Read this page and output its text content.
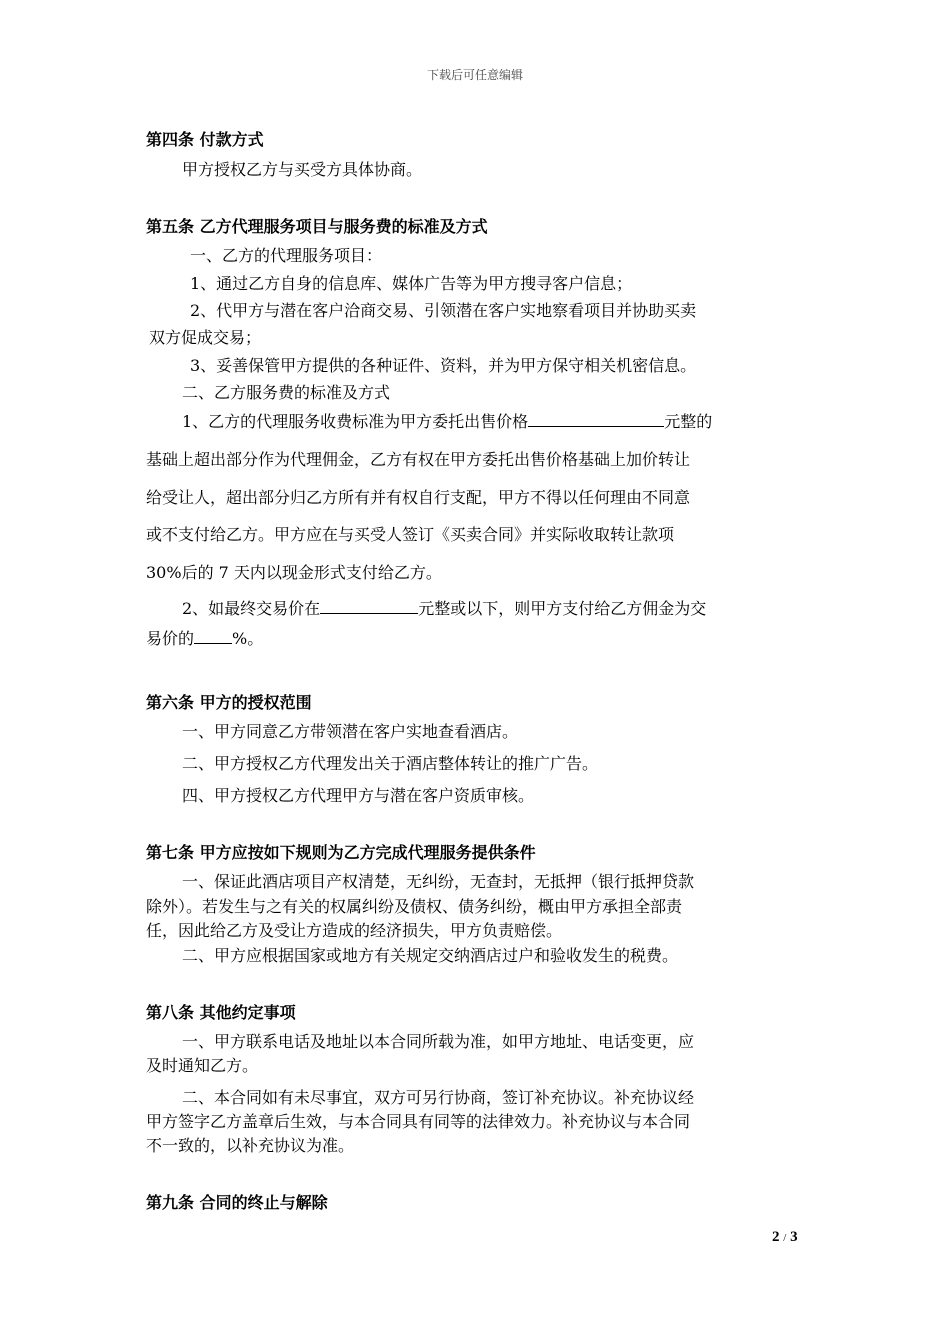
下载后可任意编辑
第四条 付款方式
甲方授权乙方与买受方具体协商。
第五条 乙方代理服务项目与服务费的标准及方式
一、乙方的代理服务项目：
1、通过乙方自身的信息库、媒体广告等为甲方搜寻客户信息；
2、代甲方与潜在客户洽商交易、引领潜在客户实地察看项目并协助买卖
双方促成交易；
3、妥善保管甲方提供的各种证件、资料，并为甲方保守相关机密信息。
二、乙方服务费的标准及方式
1、乙方的代理服务收费标准为甲方委托出售价格	元整的
基础上超出部分作为代理佣金，乙方有权在甲方委托出售价格基础上加价转让
给受让人，超出部分归乙方所有并有权自行支配，甲方不得以任何理由不同意
或不支付给乙方。甲方应在与买受人签订《买卖合同》并实际收取转让款项
30%后的 7 天内以现金形式支付给乙方。
2、如最终交易价在	元整或以下，则甲方支付给乙方佣金为交
易价的 %。
第六条 甲方的授权范围
一、甲方同意乙方带领潜在客户实地查看酒店。
二、甲方授权乙方代理发出关于酒店整体转让的推广广告。
四、甲方授权乙方代理甲方与潜在客户资质审核。
第七条 甲方应按如下规则为乙方完成代理服务提供条件
一、保证此酒店项目产权清楚，无纠纷，无查封，无抵押（银行抵押贷款
除外）。若发生与之有关的权属纠纷及债权、债务纠纷，概由甲方承担全部责
任，因此给乙方及受让方造成的经济损失，甲方负责赔偿。
二、甲方应根据国家或地方有关规定交纳酒店过户和验收发生的税费。
第八条 其他约定事项
一、甲方联系电话及地址以本合同所载为准，如甲方地址、电话变更，应
及时通知乙方。
二、本合同如有未尽事宜，双方可另行协商，签订补充协议。补充协议经
甲方签字乙方盖章后生效，与本合同具有同等的法律效力。补充协议与本合同
不一致的，以补充协议为准。
第九条 合同的终止与解除
2 / 3
